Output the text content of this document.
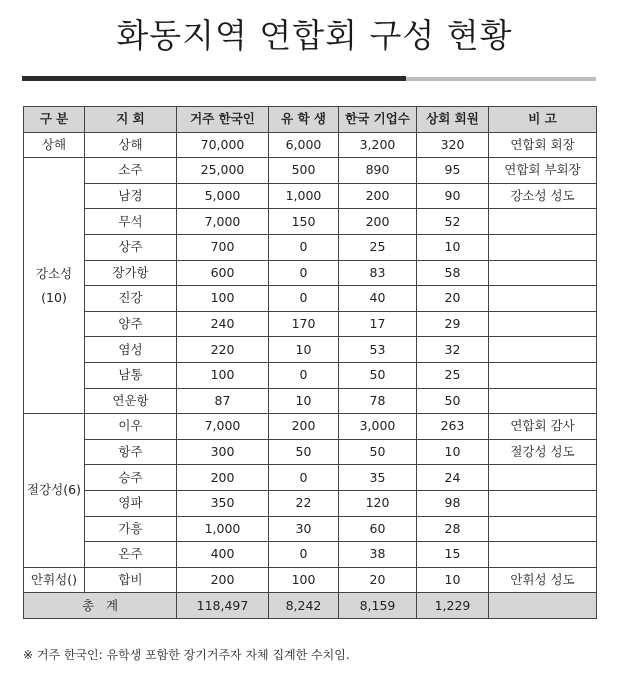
화동지역 연합회 구성 현황
구 분	지 회	거주 한국인	유 학 생	한국 기업수	상회 회원	비 고
상해	상해	70,000	6,000	3,200	320	연합회 회장
강소성(10)	소주	25,000	500	890	95	연합회 부회장
	남경	5,000	1,000	200	90	강소성 성도
	무석	7,000	150	200	52	
	상주	700	0	25	10	
	장가항	600	0	83	58	
	진강	100	0	40	20	
	양주	240	170	17	29	
	염성	220	10	53	32	
	남통	100	0	50	25	
	연운항	87	10	78	50	
절강성(6)	이우	7,000	200	3,000	263	연합회 감사
	항주	300	50	50	10	절강성 성도
	승주	200	0	35	24	
	영파	350	22	120	98	
	가흥	1,000	30	60	28	
	온주	400	0	38	15	
안휘성()	합비	200	100	20	10	안휘성 성도
총   계		118,497	8,242	8,159	1,229	
※ 거주 한국인: 유학생 포함한 장기거주자 자체 집계한 수치임.
